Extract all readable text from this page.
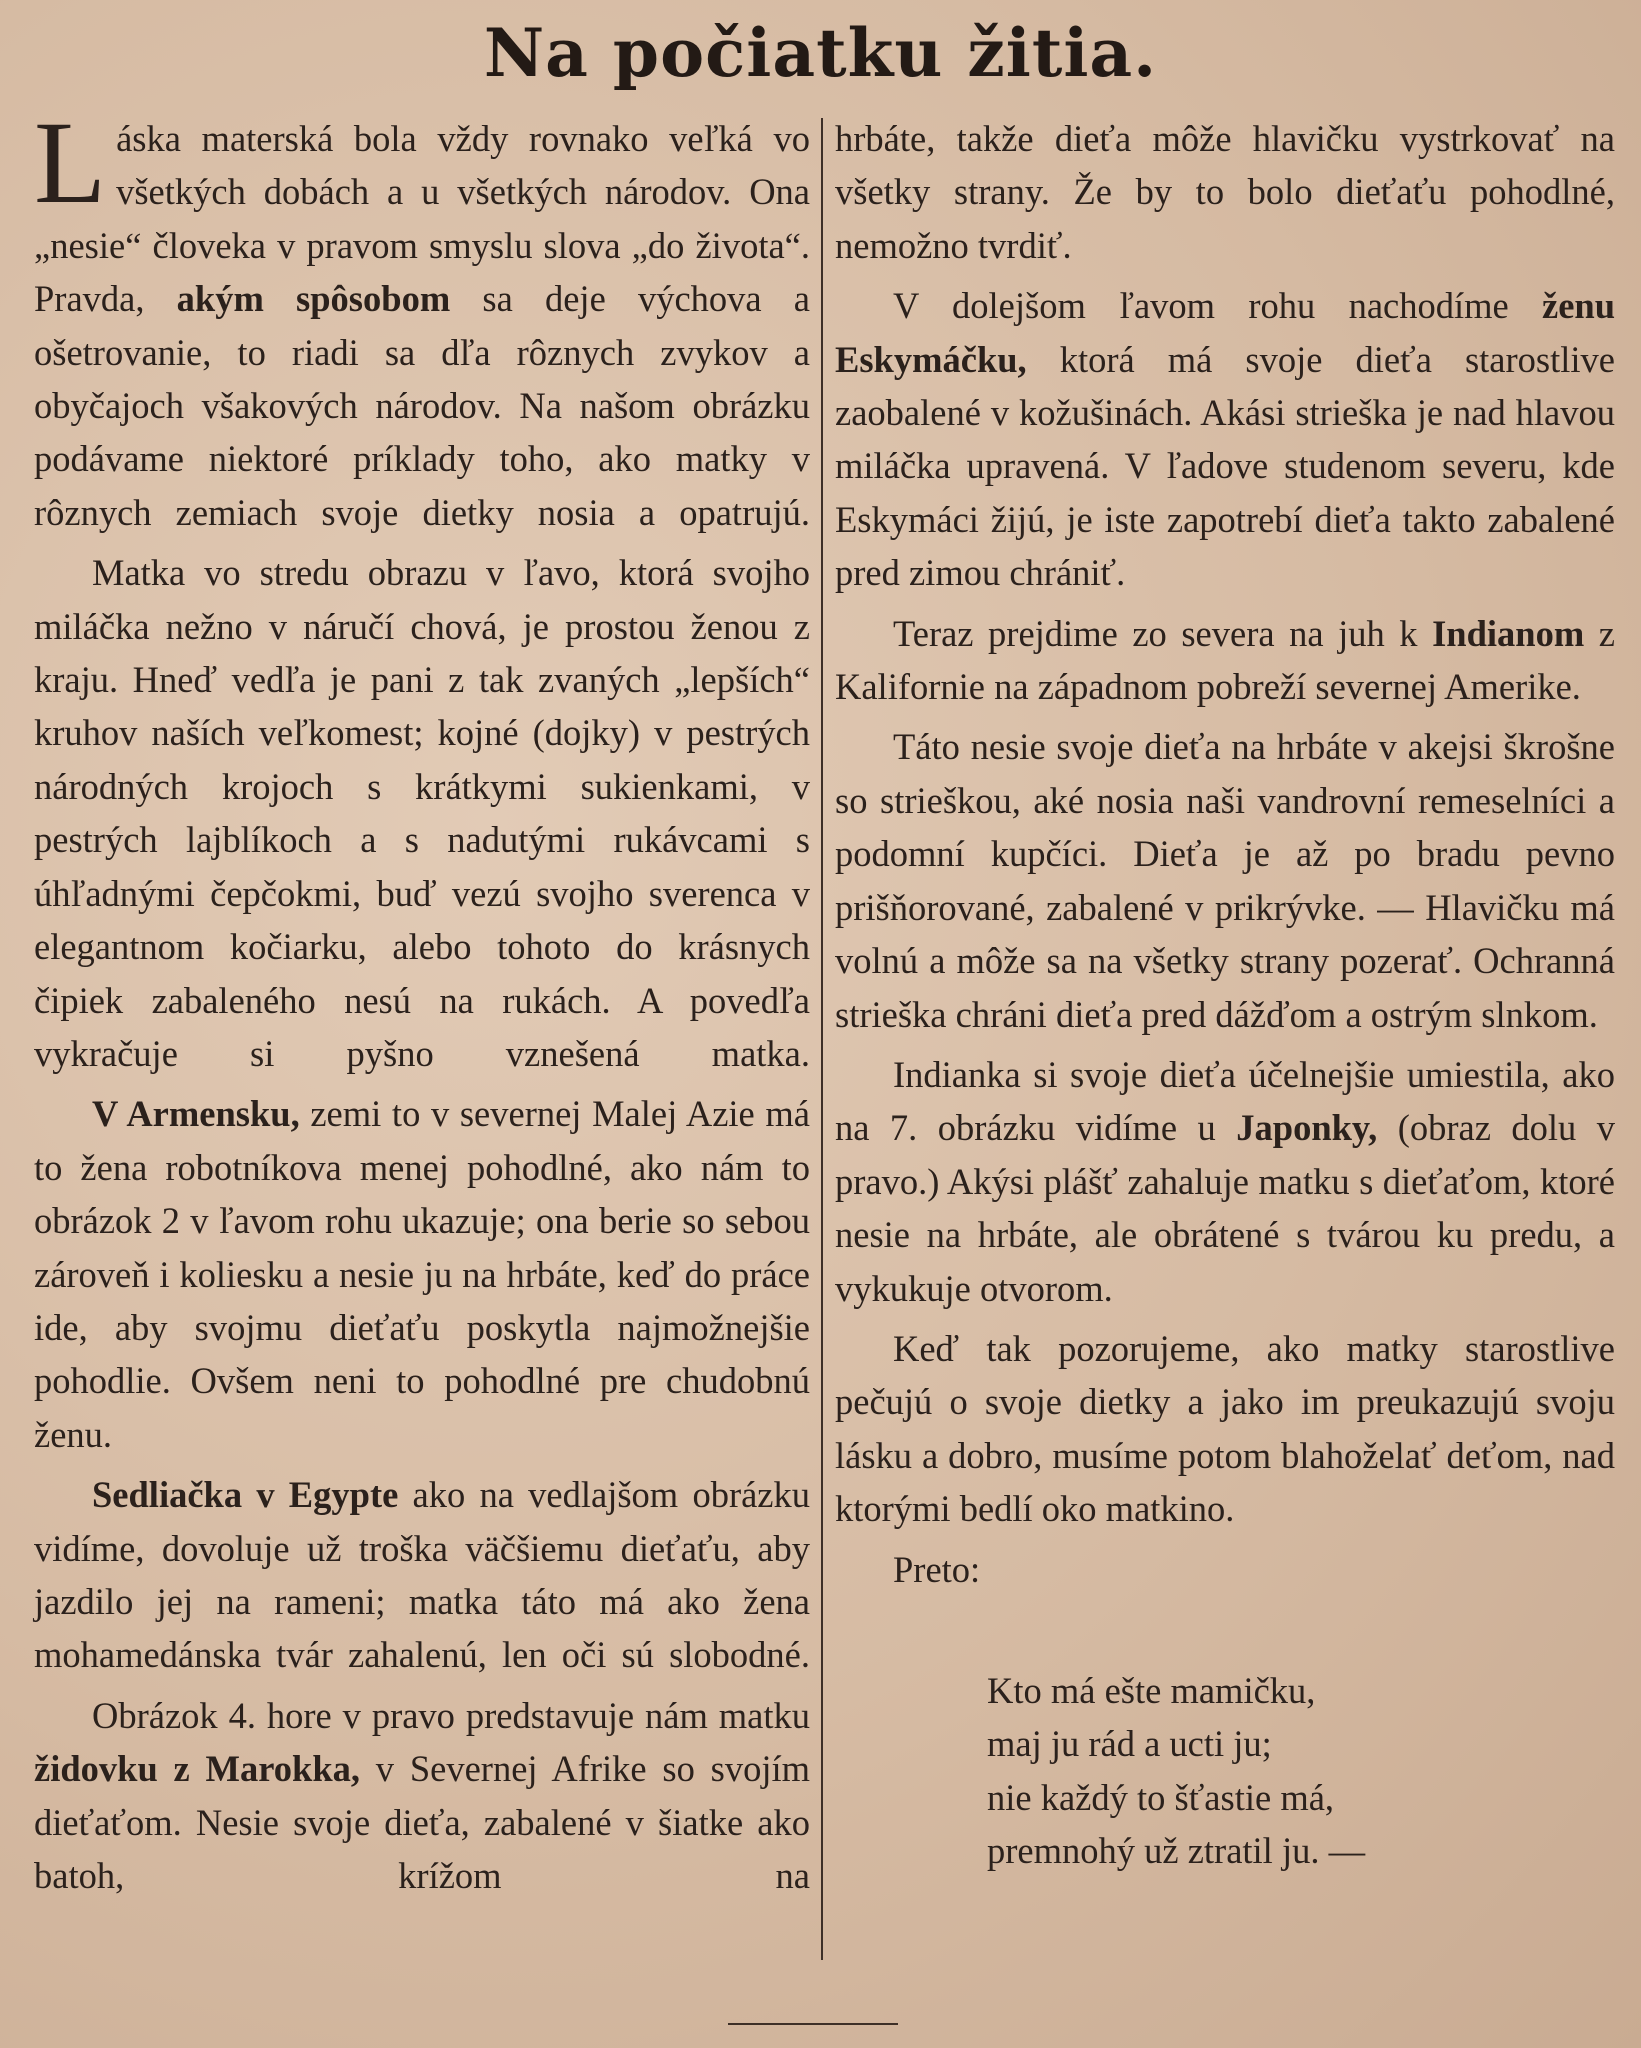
Na počiatku žitia.

Láska materská bola vždy rovnako veľká vo všetkých dobách a u všetkých národov. Ona „nesie“ človeka v pravom smyslu slova „do života“. Pravda, akým spôsobom sa deje výchova a ošetrovanie, to riadi sa dľa rôznych zvykov a obyčajoch všakových národov. Na našom obrázku podávame niektoré príklady toho, ako matky v rôznych zemiach svoje dietky nosia a opatrujú.

Matka vo stredu obrazu v ľavo, ktorá svojho miláčka nežno v náručí chová, je prostou ženou z kraju. Hneď vedľa je pani z tak zvaných „lepších“ kruhov naších veľkomest; kojné (dojky) v pestrých národných krojoch s krátkymi sukienkami, v pestrých lajblíkoch a s nadutými rukávcami s úhľadnými čepčokmi, buď vezú svojho sverenca v elegantnom kočiarku, alebo tohoto do krásnych čipiek zabaleného nesú na rukách. A povedľa vykračuje si pyšno vznešená matka.

V Armensku, zemi to v severnej Malej Azie má to žena robotníkova menej pohodlné, ako nám to obrázok 2 v ľavom rohu ukazuje; ona berie so sebou zároveň i koliesku a nesie ju na hrbáte, keď do práce ide, aby svojmu dieťaťu poskytla najmožnejšie pohodlie. Ovšem neni to pohodlné pre chudobnú ženu.

Sedliačka v Egypte ako na vedlajšom obrázku vidíme, dovoluje už troška väčšiemu dieťaťu, aby jazdilo jej na rameni; matka táto má ako žena mohamedánska tvár zahalenú, len oči sú slobodné.

Obrázok 4. hore v pravo predstavuje nám matku židovku z Marokka, v Severnej Afrike so svojím dieťaťom. Nesie svoje dieťa, zabalené v šiatke ako batoh, krížom na

hrbáte, takže dieťa môže hlavičku vystrkovať na všetky strany. Že by to bolo dieťaťu pohodlné, nemožno tvrdiť.

V dolejšom ľavom rohu nachodíme ženu Eskymáčku, ktorá má svoje dieťa starostlive zaobalené v kožušinách. Akási strieška je nad hlavou miláčka upravená. V ľadove studenom severu, kde Eskymáci žijú, je iste zapotrebí dieťa takto zabalené pred zimou chrániť.

Teraz prejdime zo severa na juh k Indianom z Kalifornie na západnom pobreží severnej Amerike.

Táto nesie svoje dieťa na hrbáte v akejsi škrošne so strieškou, aké nosia naši vandrovní remeselníci a podomní kupčíci. Dieťa je až po bradu pevno prišňorované, zabalené v prikrývke. — Hlavičku má volnú a môže sa na všetky strany pozerať. Ochranná strieška chráni dieťa pred dážďom a ostrým slnkom.

Indianka si svoje dieťa účelnejšie umiestila, ako na 7. obrázku vidíme u Japonky, (obraz dolu v pravo.) Akýsi plášť zahaluje matku s dieťaťom, ktoré nesie na hrbáte, ale obrátené s tvárou ku predu, a vykukuje otvorom.

Keď tak pozorujeme, ako matky starostlive pečujú o svoje dietky a jako im preukazujú svoju lásku a dobro, musíme potom blahoželať deťom, nad ktorými bedlí oko matkino.

Preto:

Kto má ešte mamičku,
maj ju rád a ucti ju;
nie každý to šťastie má,
premnohý už ztratil ju. —
